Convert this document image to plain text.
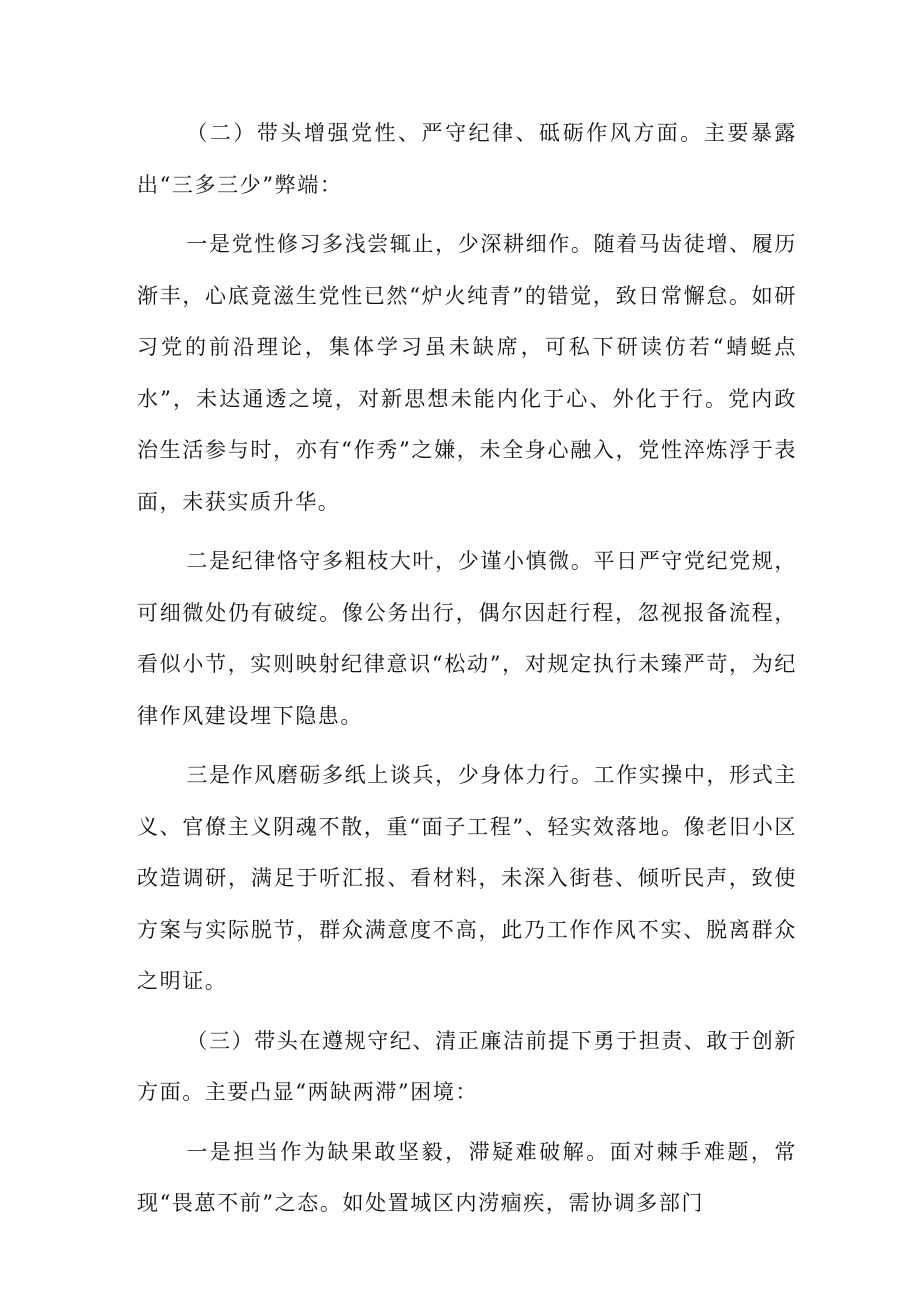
（二）带头增强党性、严守纪律、砥砺作风方面。主要暴露出“三多三少”弊端：

一是党性修习多浅尝辄止，少深耕细作。随着马齿徒增、履历渐丰，心底竟滋生党性已然“炉火纯青”的错觉，致日常懈怠。如研习党的前沿理论，集体学习虽未缺席，可私下研读仿若“蜻蜓点水”，未达通透之境，对新思想未能内化于心、外化于行。党内政治生活参与时，亦有“作秀”之嫌，未全身心融入，党性淬炼浮于表面，未获实质升华。

二是纪律恪守多粗枝大叶，少谨小慎微。平日严守党纪党规，可细微处仍有破绽。像公务出行，偶尔因赶行程，忽视报备流程，看似小节，实则映射纪律意识“松动”，对规定执行未臻严苛，为纪律作风建设埋下隐患。

三是作风磨砺多纸上谈兵，少身体力行。工作实操中，形式主义、官僚主义阴魂不散，重“面子工程”、轻实效落地。像老旧小区改造调研，满足于听汇报、看材料，未深入街巷、倾听民声，致使方案与实际脱节，群众满意度不高，此乃工作作风不实、脱离群众之明证。

（三）带头在遵规守纪、清正廉洁前提下勇于担责、敢于创新方面。主要凸显“两缺两滞”困境：

一是担当作为缺果敢坚毅，滞疑难破解。面对棘手难题，常现“畏葸不前”之态。如处置城区内涝痼疾，需协调多部门
